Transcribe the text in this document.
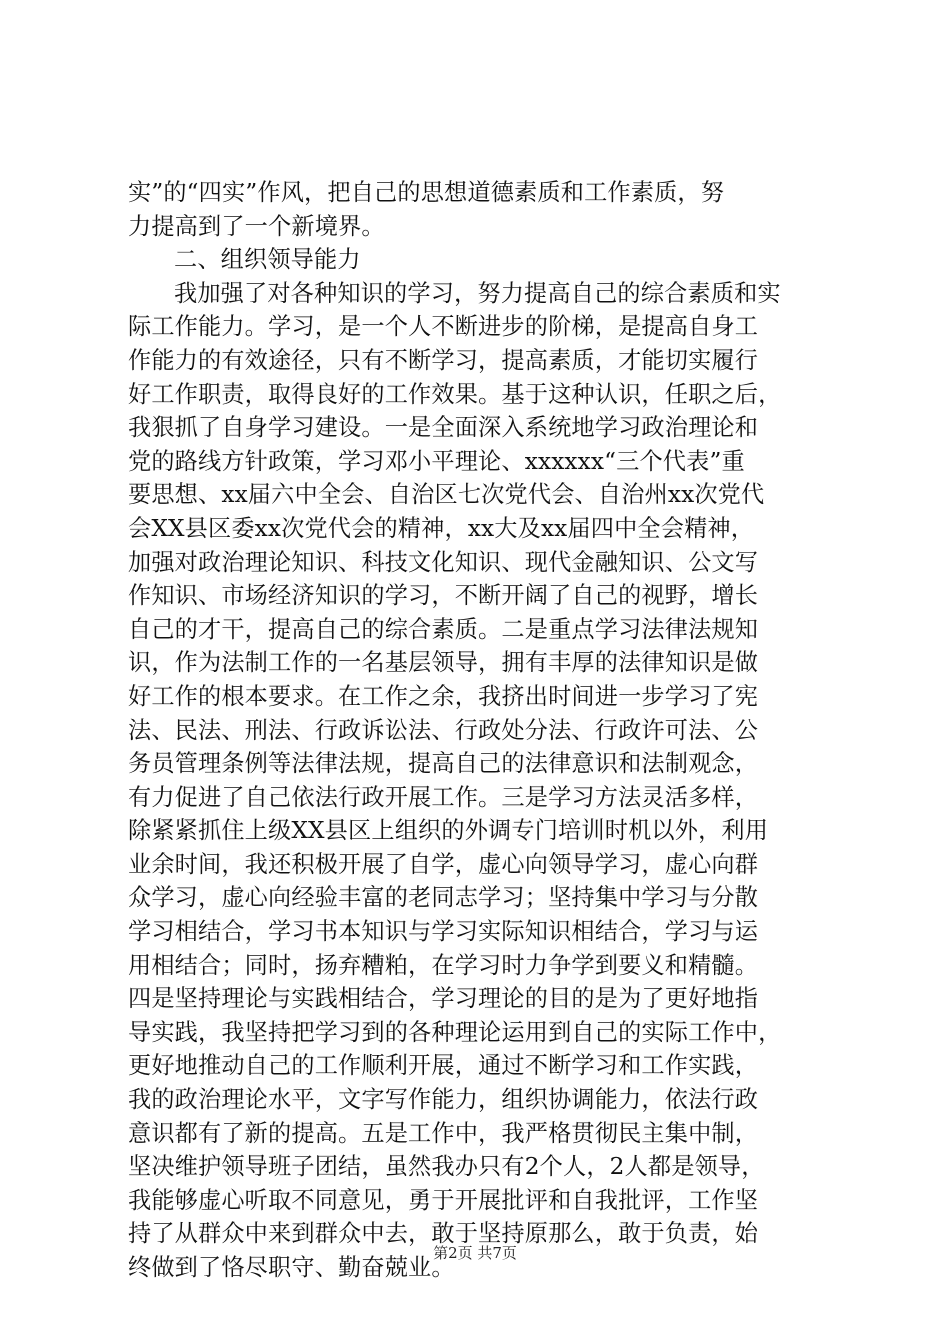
实”的“四实”作风，把自己的思想道德素质和工作素质，努
力提高到了一个新境界。
二、组织领导能力
我加强了对各种知识的学习，努力提高自己的综合素质和实
际工作能力。学习，是一个人不断进步的阶梯，是提高自身工
作能力的有效途径，只有不断学习，提高素质，才能切实履行
好工作职责，取得良好的工作效果。基于这种认识，任职之后，
我狠抓了自身学习建设。一是全面深入系统地学习政治理论和
党的路线方针政策，学习邓小平理论、xxxxxx“三个代表”重
要思想、xx届六中全会、自治区七次党代会、自治州xx次党代
会XX县区委xx次党代会的精神，xx大及xx届四中全会精神，
加强对政治理论知识、科技文化知识、现代金融知识、公文写
作知识、市场经济知识的学习，不断开阔了自己的视野，增长
自己的才干，提高自己的综合素质。二是重点学习法律法规知
识，作为法制工作的一名基层领导，拥有丰厚的法律知识是做
好工作的根本要求。在工作之余，我挤出时间进一步学习了宪
法、民法、刑法、行政诉讼法、行政处分法、行政许可法、公
务员管理条例等法律法规，提高自己的法律意识和法制观念，
有力促进了自己依法行政开展工作。三是学习方法灵活多样，
除紧紧抓住上级XX县区上组织的外调专门培训时机以外，利用
业余时间，我还积极开展了自学，虚心向领导学习，虚心向群
众学习，虚心向经验丰富的老同志学习；坚持集中学习与分散
学习相结合，学习书本知识与学习实际知识相结合，学习与运
用相结合；同时，扬弃糟粕，在学习时力争学到要义和精髓。
四是坚持理论与实践相结合，学习理论的目的是为了更好地指
导实践，我坚持把学习到的各种理论运用到自己的实际工作中，
更好地推动自己的工作顺利开展，通过不断学习和工作实践，
我的政治理论水平，文字写作能力，组织协调能力，依法行政
意识都有了新的提高。五是工作中，我严格贯彻民主集中制，
坚决维护领导班子团结，虽然我办只有2个人，2人都是领导，
我能够虚心听取不同意见，勇于开展批评和自我批评，工作坚
持了从群众中来到群众中去，敢于坚持原那么，敢于负责，始
终做到了恪尽职守、勤奋兢业。
第2页 共7页
